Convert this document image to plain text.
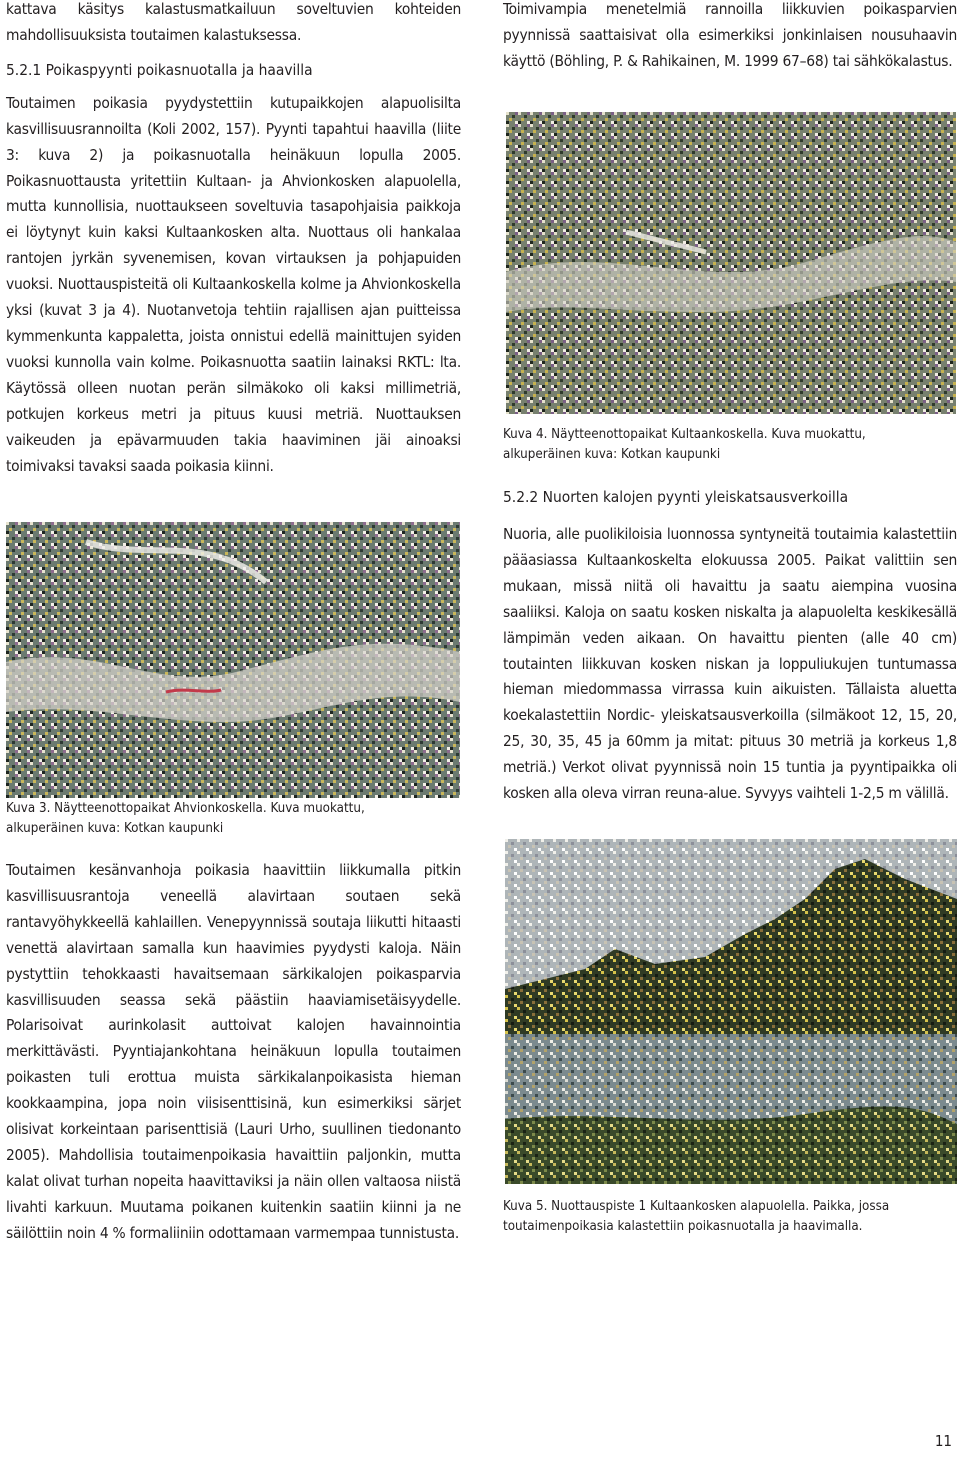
kattava käsitys kalastusmatkailuun soveltuvien kohteiden mahdollisuuksista toutaimen kalastuksessa.

5.2.1 Poikaspyynti poikasnuotalla ja haavilla

Toutaimen poikasia pyydystettiin kutupaikkojen alapuolisilta kasvillisuusrannoilta (Koli 2002, 157). Pyynti tapahtui haavilla (liite 3: kuva 2) ja poikasnuotalla heinäkuun lopulla 2005. Poikasnuottausta yritettiin Kultaan- ja Ahvionkosken alapuolella, mutta kunnollisia, nuottaukseen soveltuvia tasapohjaisia paikkoja ei löytynyt kuin kaksi Kultaankosken alta. Nuottaus oli hankalaa rantojen jyrkän syvenemisen, kovan virtauksen ja pohjapuiden vuoksi. Nuottauspisteitä oli Kultaankoskella kolme ja Ahvionkoskella yksi (kuvat 3 ja 4). Nuotanvetoja tehtiin rajallisen ajan puitteissa kymmenkunta kappaletta, joista onnistui edellä mainittujen syiden vuoksi kunnolla vain kolme. Poikasnuotta saatiin lainaksi RKTL: lta. Käytössä olleen nuotan perän silmäkoko oli kaksi millimetriä, potkujen korkeus metri ja pituus kuusi metriä. Nuottauksen vaikeuden ja epävarmuuden takia haaviminen jäi ainoaksi toimivaksi tavaksi saada poikasia kiinni.

Kuva 3. Näytteenottopaikat Ahvionkoskella. Kuva muokattu,

alkuperäinen kuva: Kotkan kaupunki

Toutaimen kesänvanhoja poikasia haavittiin liikkumalla pitkin kasvillisuusrantoja veneellä alavirtaan soutaen sekä rantavyöhykkeellä kahlaillen. Venepyynnissä soutaja liikutti hitaasti venettä alavirtaan samalla kun haavimies pyydysti kaloja. Näin pystyttiin tehokkaasti havaitsemaan särkikalojen poikasparvia kasvillisuuden seassa sekä päästiin haaviamisetäisyydelle. Polarisoivat aurinkolasit auttoivat kalojen havainnointia merkittävästi. Pyyntiajankohtana heinäkuun lopulla toutaimen poikasten tuli erottua muista särkikalanpoikasista hieman kookkaampina, jopa noin viisisenttisinä, kun esimerkiksi särjet olisivat korkeintaan parisenttisiä (Lauri Urho, suullinen tiedonanto 2005). Mahdollisia toutaimenpoikasia havaittiin paljonkin, mutta kalat olivat turhan nopeita haavittaviksi ja näin ollen valtaosa niistä livahti karkuun. Muutama poikanen kuitenkin saatiin kiinni ja ne säilöttiin noin 4 % formaliiniin odottamaan varmempaa tunnistusta.

Toimivampia menetelmiä rannoilla liikkuvien poikasparvien pyynnissä saattaisivat olla esimerkiksi jonkinlaisen nousuhaavin käyttö (Böhling, P. & Rahikainen, M. 1999 67–68) tai sähkökalastus.

Kuva 4. Näytteenottopaikat Kultaankoskella. Kuva muokattu,

alkuperäinen kuva: Kotkan kaupunki

5.2.2 Nuorten kalojen pyynti yleiskatsausverkoilla

Nuoria, alle puolikiloisia luonnossa syntyneitä toutaimia kalastettiin pääasiassa Kultaankoskelta elokuussa 2005. Paikat valittiin sen mukaan, missä niitä oli havaittu ja saatu aiempina vuosina saaliiksi. Kaloja on saatu kosken niskalta ja alapuolelta keskikesällä lämpimän veden aikaan. On havaittu pienten (alle 40 cm) toutainten liikkuvan kosken niskan ja loppuliukujen tuntumassa hieman miedommassa virrassa kuin aikuisten. Tällaista aluetta koekalastettiin Nordic- yleiskatsausverkoilla (silmäkoot 12, 15, 20, 25, 30, 35, 45 ja 60mm ja mitat: pituus 30 metriä ja korkeus 1,8 metriä.) Verkot olivat pyynnissä noin 15 tuntia ja pyyntipaikka oli kosken alla oleva virran reuna-alue. Syvyys vaihteli 1-2,5 m välillä.

Kuva 5. Nuottauspiste 1 Kultaankosken alapuolella. Paikka, jossa

toutaimenpoikasia kalastettiin poikasnuotalla ja haavimalla.

11
